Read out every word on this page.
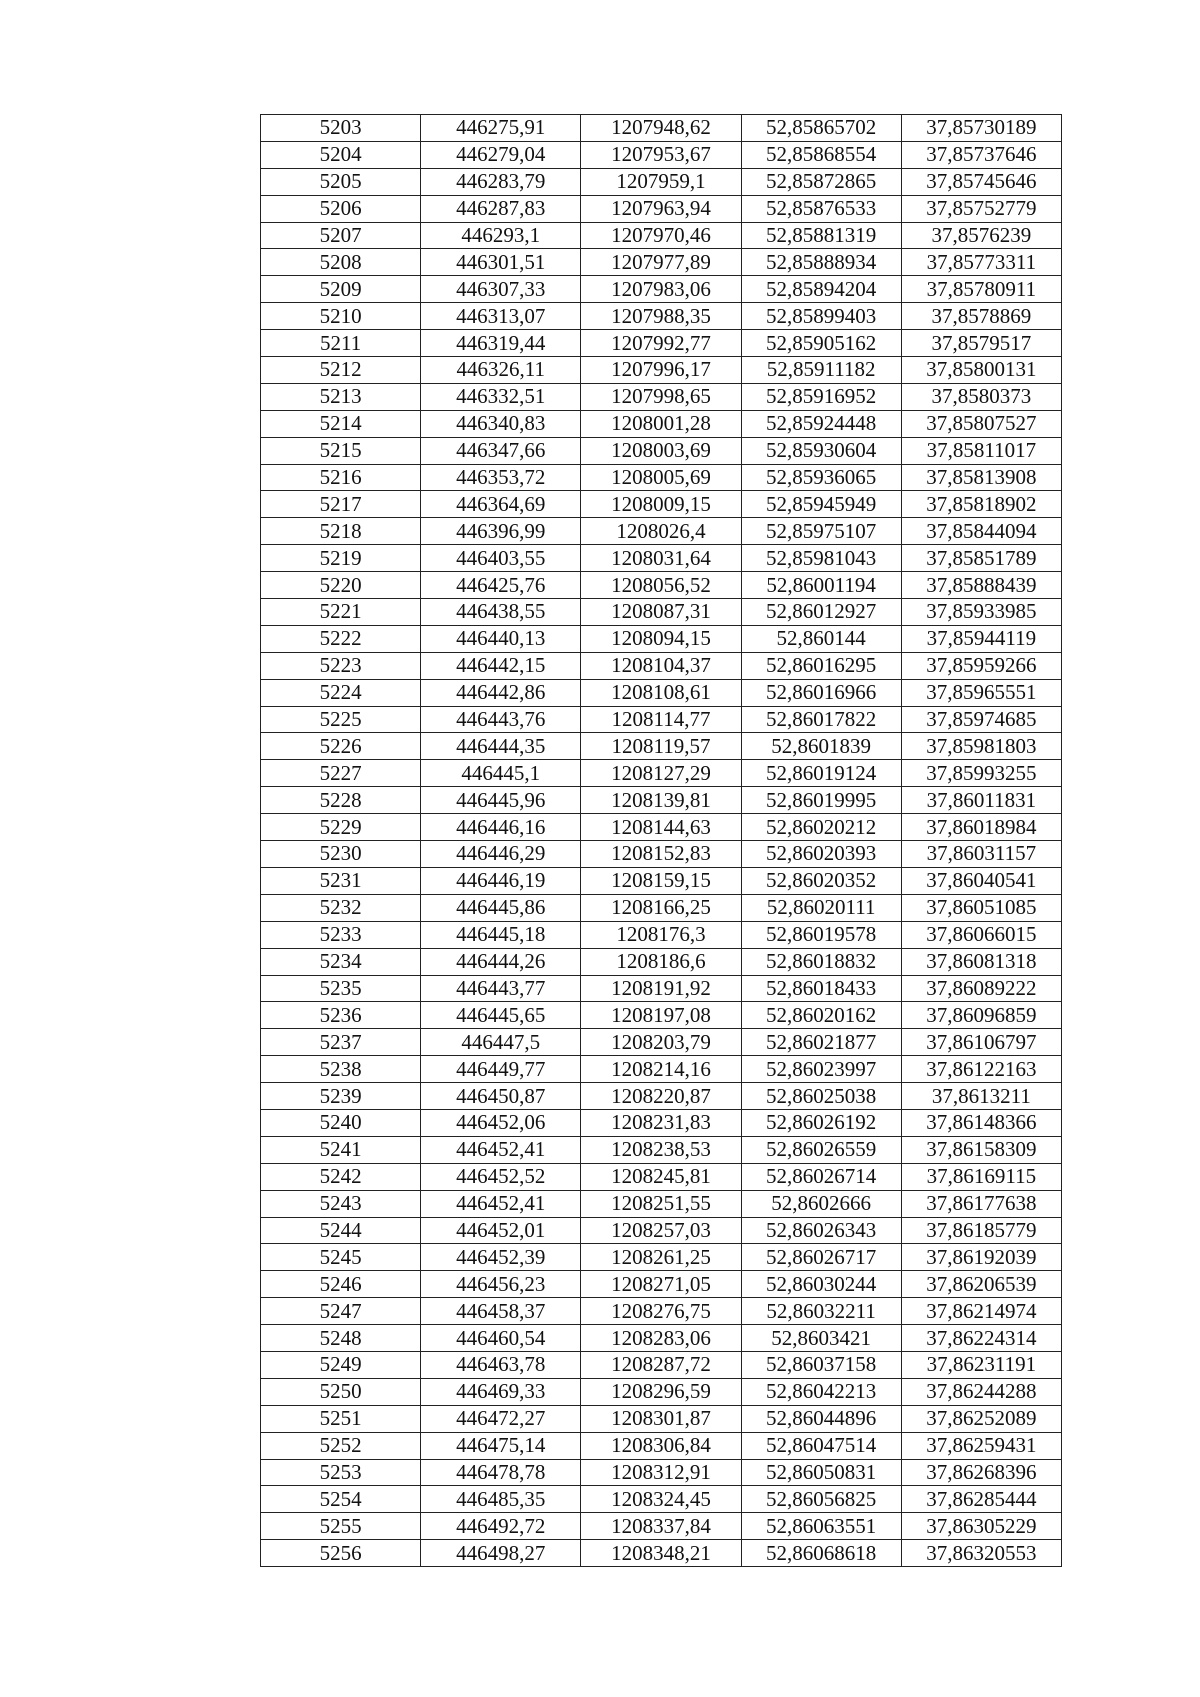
5203	446275,91	1207948,62	52,85865702	37,85730189
5204	446279,04	1207953,67	52,85868554	37,85737646
5205	446283,79	1207959,1	52,85872865	37,85745646
5206	446287,83	1207963,94	52,85876533	37,85752779
5207	446293,1	1207970,46	52,85881319	37,8576239
5208	446301,51	1207977,89	52,85888934	37,85773311
5209	446307,33	1207983,06	52,85894204	37,85780911
5210	446313,07	1207988,35	52,85899403	37,8578869
5211	446319,44	1207992,77	52,85905162	37,8579517
5212	446326,11	1207996,17	52,85911182	37,85800131
5213	446332,51	1207998,65	52,85916952	37,8580373
5214	446340,83	1208001,28	52,85924448	37,85807527
5215	446347,66	1208003,69	52,85930604	37,85811017
5216	446353,72	1208005,69	52,85936065	37,85813908
5217	446364,69	1208009,15	52,85945949	37,85818902
5218	446396,99	1208026,4	52,85975107	37,85844094
5219	446403,55	1208031,64	52,85981043	37,85851789
5220	446425,76	1208056,52	52,86001194	37,85888439
5221	446438,55	1208087,31	52,86012927	37,85933985
5222	446440,13	1208094,15	52,860144	37,85944119
5223	446442,15	1208104,37	52,86016295	37,85959266
5224	446442,86	1208108,61	52,86016966	37,85965551
5225	446443,76	1208114,77	52,86017822	37,85974685
5226	446444,35	1208119,57	52,8601839	37,85981803
5227	446445,1	1208127,29	52,86019124	37,85993255
5228	446445,96	1208139,81	52,86019995	37,86011831
5229	446446,16	1208144,63	52,86020212	37,86018984
5230	446446,29	1208152,83	52,86020393	37,86031157
5231	446446,19	1208159,15	52,86020352	37,86040541
5232	446445,86	1208166,25	52,86020111	37,86051085
5233	446445,18	1208176,3	52,86019578	37,86066015
5234	446444,26	1208186,6	52,86018832	37,86081318
5235	446443,77	1208191,92	52,86018433	37,86089222
5236	446445,65	1208197,08	52,86020162	37,86096859
5237	446447,5	1208203,79	52,86021877	37,86106797
5238	446449,77	1208214,16	52,86023997	37,86122163
5239	446450,87	1208220,87	52,86025038	37,8613211
5240	446452,06	1208231,83	52,86026192	37,86148366
5241	446452,41	1208238,53	52,86026559	37,86158309
5242	446452,52	1208245,81	52,86026714	37,86169115
5243	446452,41	1208251,55	52,8602666	37,86177638
5244	446452,01	1208257,03	52,86026343	37,86185779
5245	446452,39	1208261,25	52,86026717	37,86192039
5246	446456,23	1208271,05	52,86030244	37,86206539
5247	446458,37	1208276,75	52,86032211	37,86214974
5248	446460,54	1208283,06	52,8603421	37,86224314
5249	446463,78	1208287,72	52,86037158	37,86231191
5250	446469,33	1208296,59	52,86042213	37,86244288
5251	446472,27	1208301,87	52,86044896	37,86252089
5252	446475,14	1208306,84	52,86047514	37,86259431
5253	446478,78	1208312,91	52,86050831	37,86268396
5254	446485,35	1208324,45	52,86056825	37,86285444
5255	446492,72	1208337,84	52,86063551	37,86305229
5256	446498,27	1208348,21	52,86068618	37,86320553
